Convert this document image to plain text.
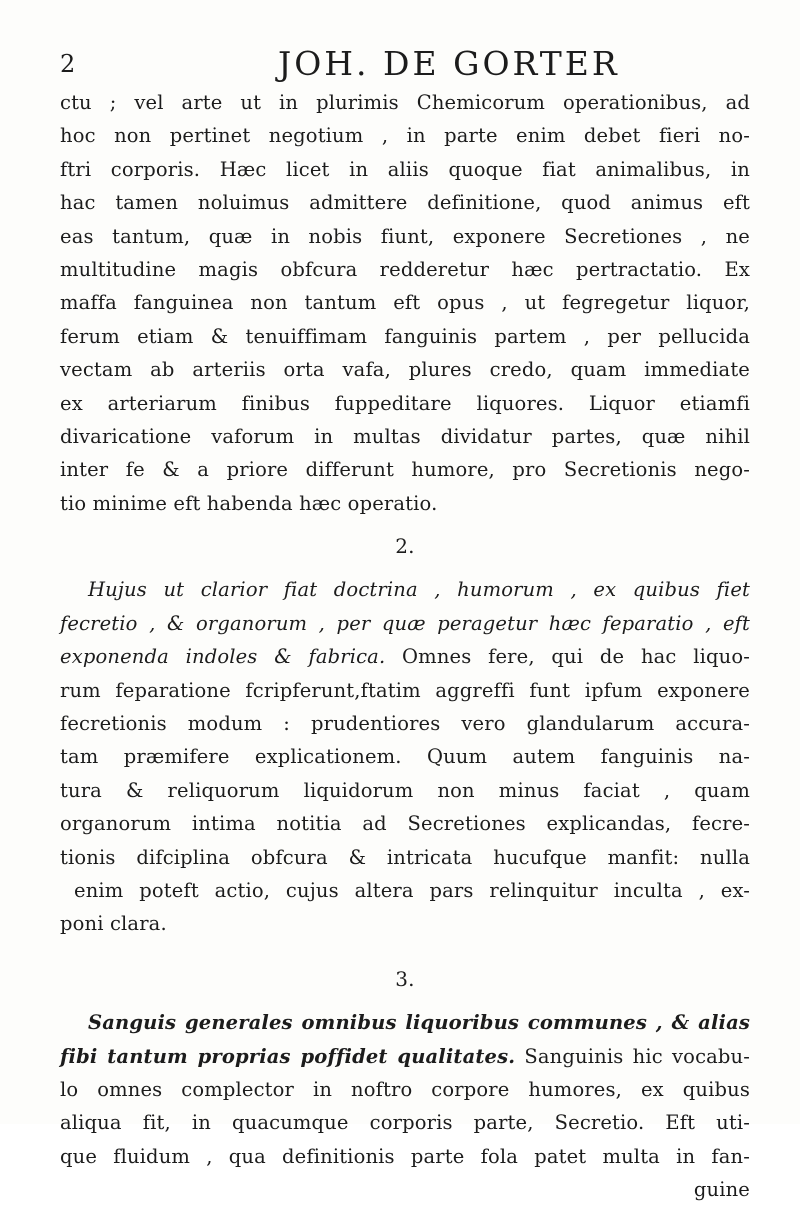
2	JOH. DE GORTER
ctu ; vel arte ut in plurimis Chemicorum operationibus, ad
hoc non pertinet negotium , in parte enim debet fieri no-
ftri corporis. Hæc licet in aliis quoque fiat animalibus, in
hac tamen noluimus admittere definitione, quod animus eft
eas tantum, quæ in nobis fiunt, exponere Secretiones , ne
multitudine magis obfcura redderetur hæc pertractatio. Ex
maffa fanguinea non tantum eft opus , ut fegregetur liquor,
ferum etiam & tenuiffimam fanguinis partem , per pellucida
vectam ab arteriis orta vafa, plures credo, quam immediate
ex arteriarum finibus fuppeditare liquores. Liquor etiamfi
divaricatione vaforum in multas dividatur partes, quæ nihil
inter fe & a priore differunt humore, pro Secretionis nego-
tio minime eft habenda hæc operatio.
2.
Hujus ut clarior fiat doctrina , humorum , ex quibus fiet
fecretio , & organorum , per quæ peragetur hæc feparatio , eft
exponenda indoles & fabrica. Omnes fere, qui de hac liquo-
rum feparatione fcripferunt,ftatim aggreffi funt ipfum exponere
fecretionis modum : prudentiores vero glandularum accura-
tam præmifere explicationem. Quum autem fanguinis na-
tura & reliquorum liquidorum non minus faciat , quam
organorum intima notitia ad Secretiones explicandas, fecre-
tionis difciplina obfcura & intricata hucufque manfit: nulla
enim poteft actio, cujus altera pars relinquitur inculta , ex-
poni clara.
3.
Sanguis generales omnibus liquoribus communes , & alias
fibi tantum proprias poffidet qualitates. Sanguinis hic vocabu-
lo omnes complector in noftro corpore humores, ex quibus
aliqua fit, in quacumque corporis parte, Secretio. Eft uti-
que fluidum , qua definitionis parte fola patet multa in fan-
guine
